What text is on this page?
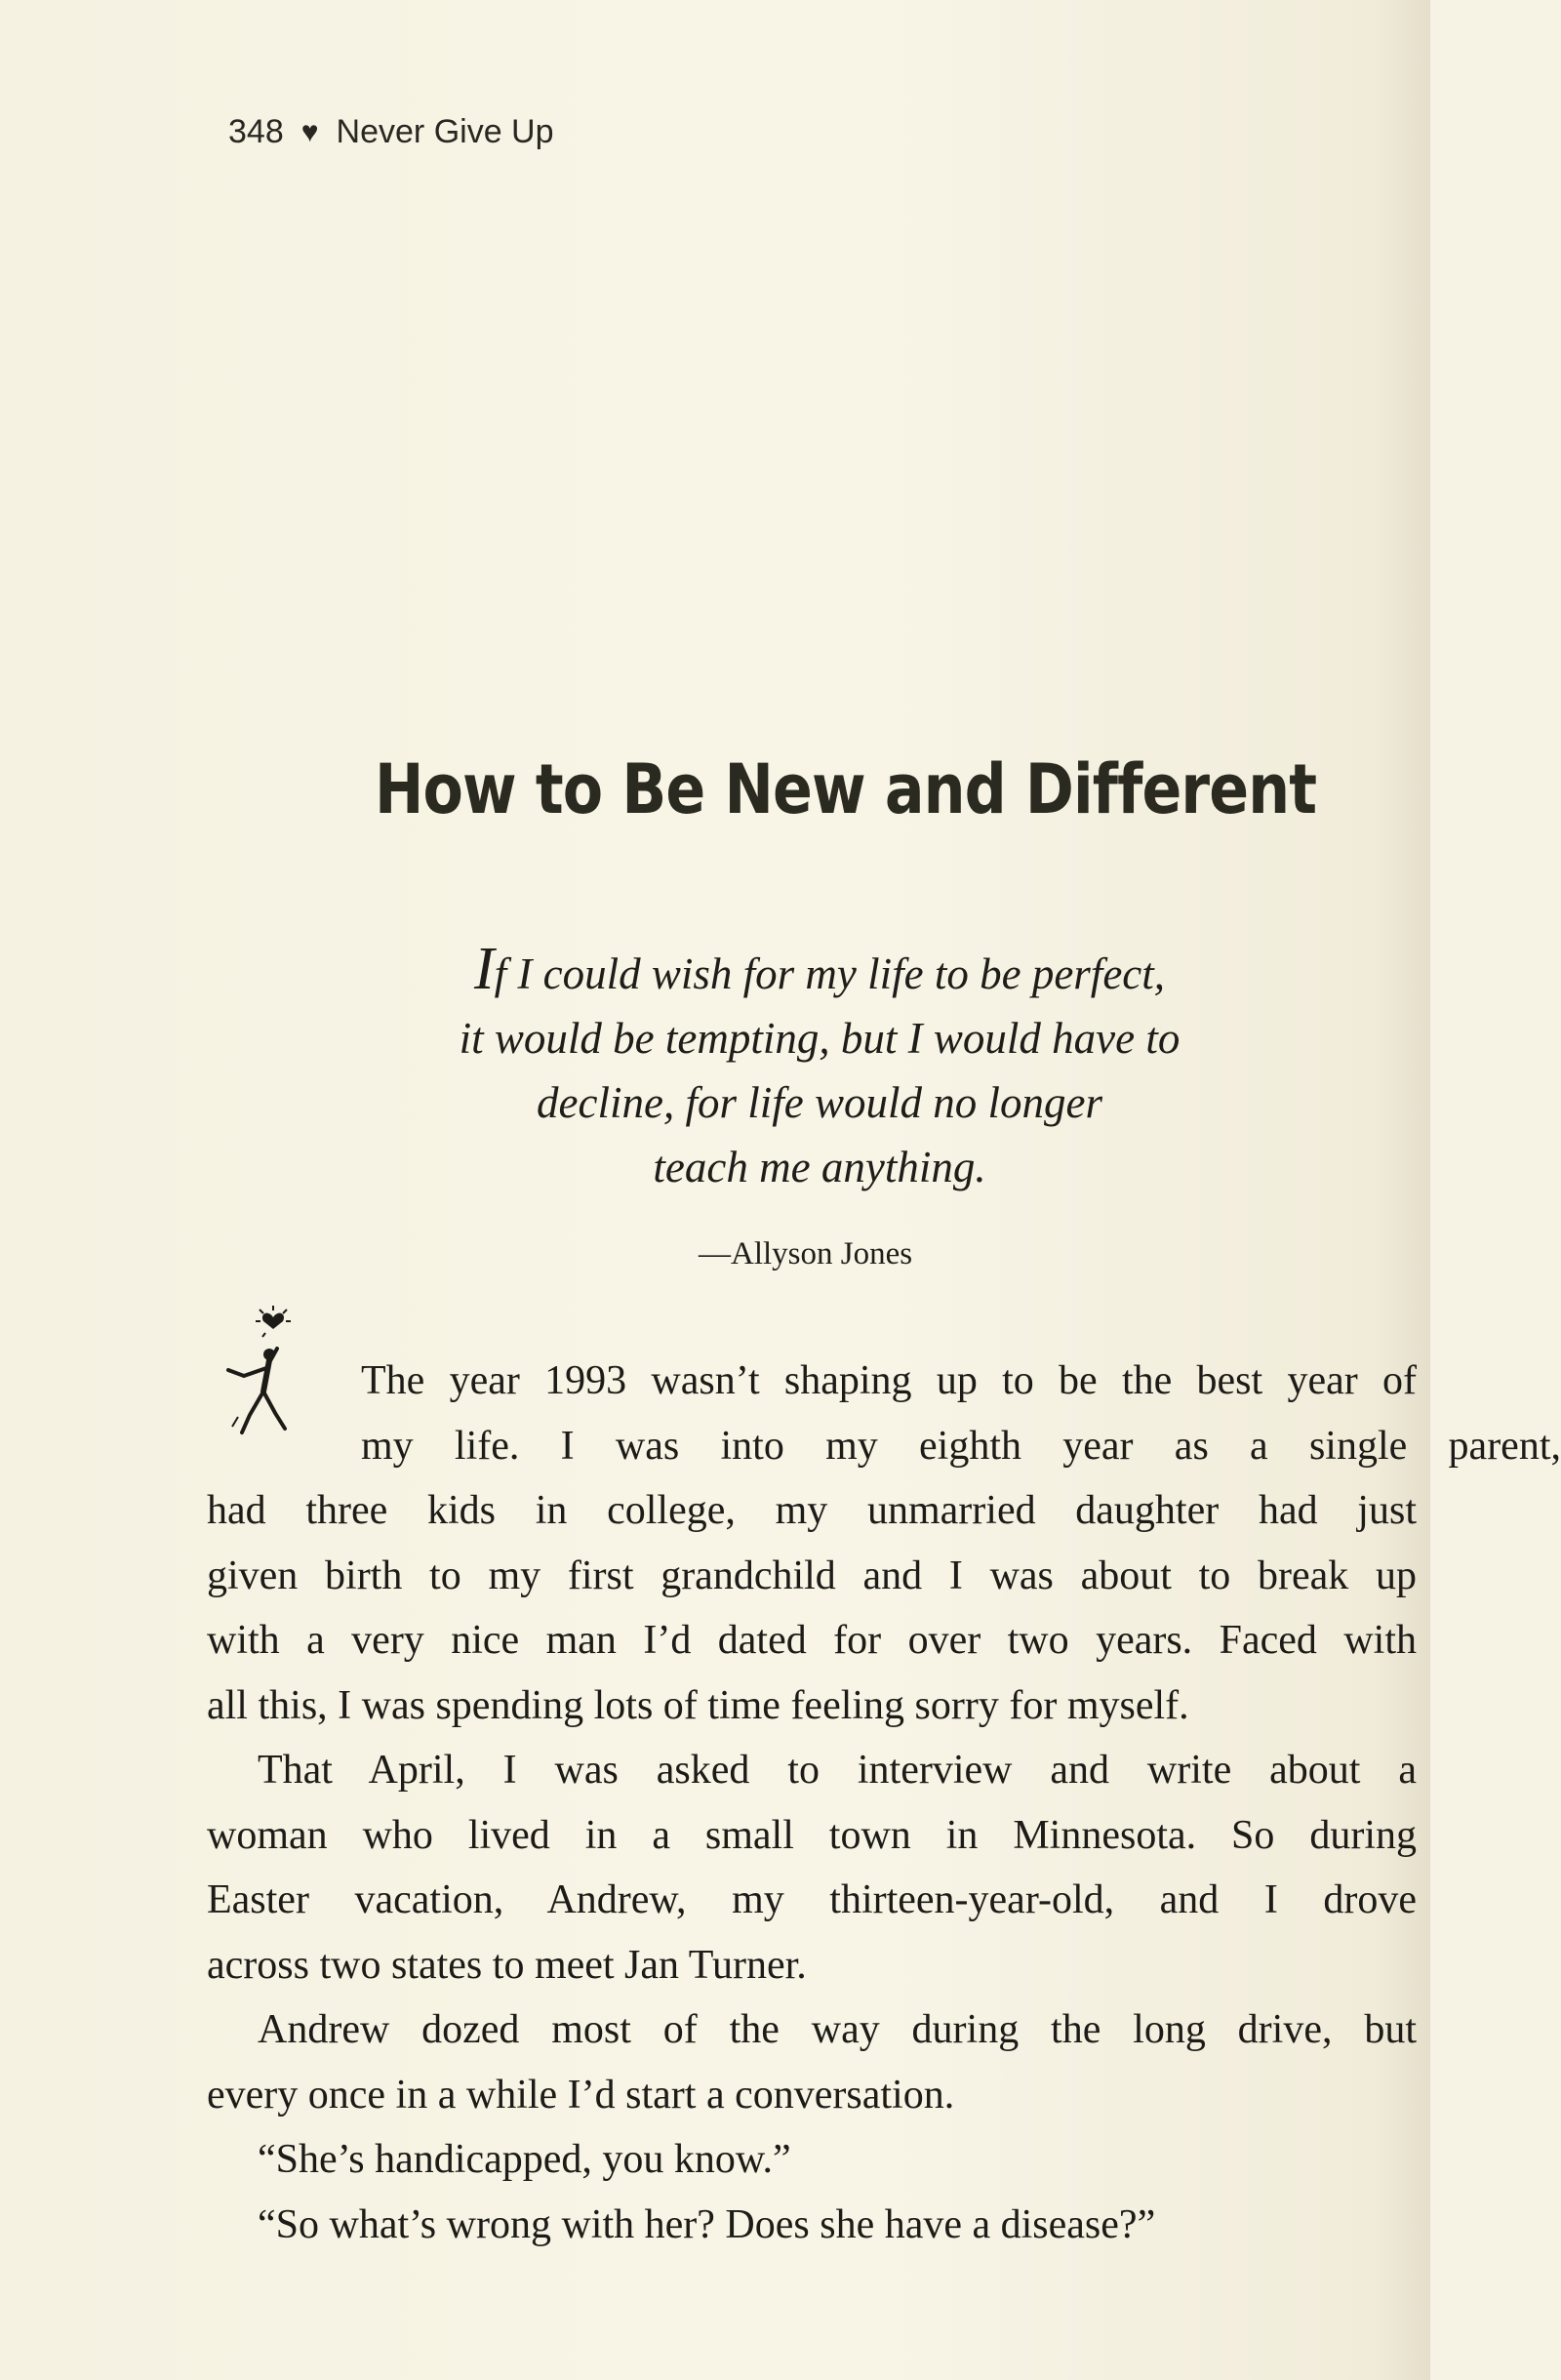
348 ♥ Never Give Up
How to Be New and Different
If I could wish for my life to be perfect,
it would be tempting, but I would have to
decline, for life would no longer
teach me anything.
—Allyson Jones
The year 1993 wasn’t shaping up to be the best year of
my life. I was into my eighth year as a single parent,
had three kids in college, my unmarried daughter had just
given birth to my first grandchild and I was about to break up
with a very nice man I’d dated for over two years. Faced with
all this, I was spending lots of time feeling sorry for myself.
That April, I was asked to interview and write about a
woman who lived in a small town in Minnesota. So during
Easter vacation, Andrew, my thirteen-year-old, and I drove
across two states to meet Jan Turner.
Andrew dozed most of the way during the long drive, but
every once in a while I’d start a conversation.
“She’s handicapped, you know.”
“So what’s wrong with her? Does she have a disease?”
